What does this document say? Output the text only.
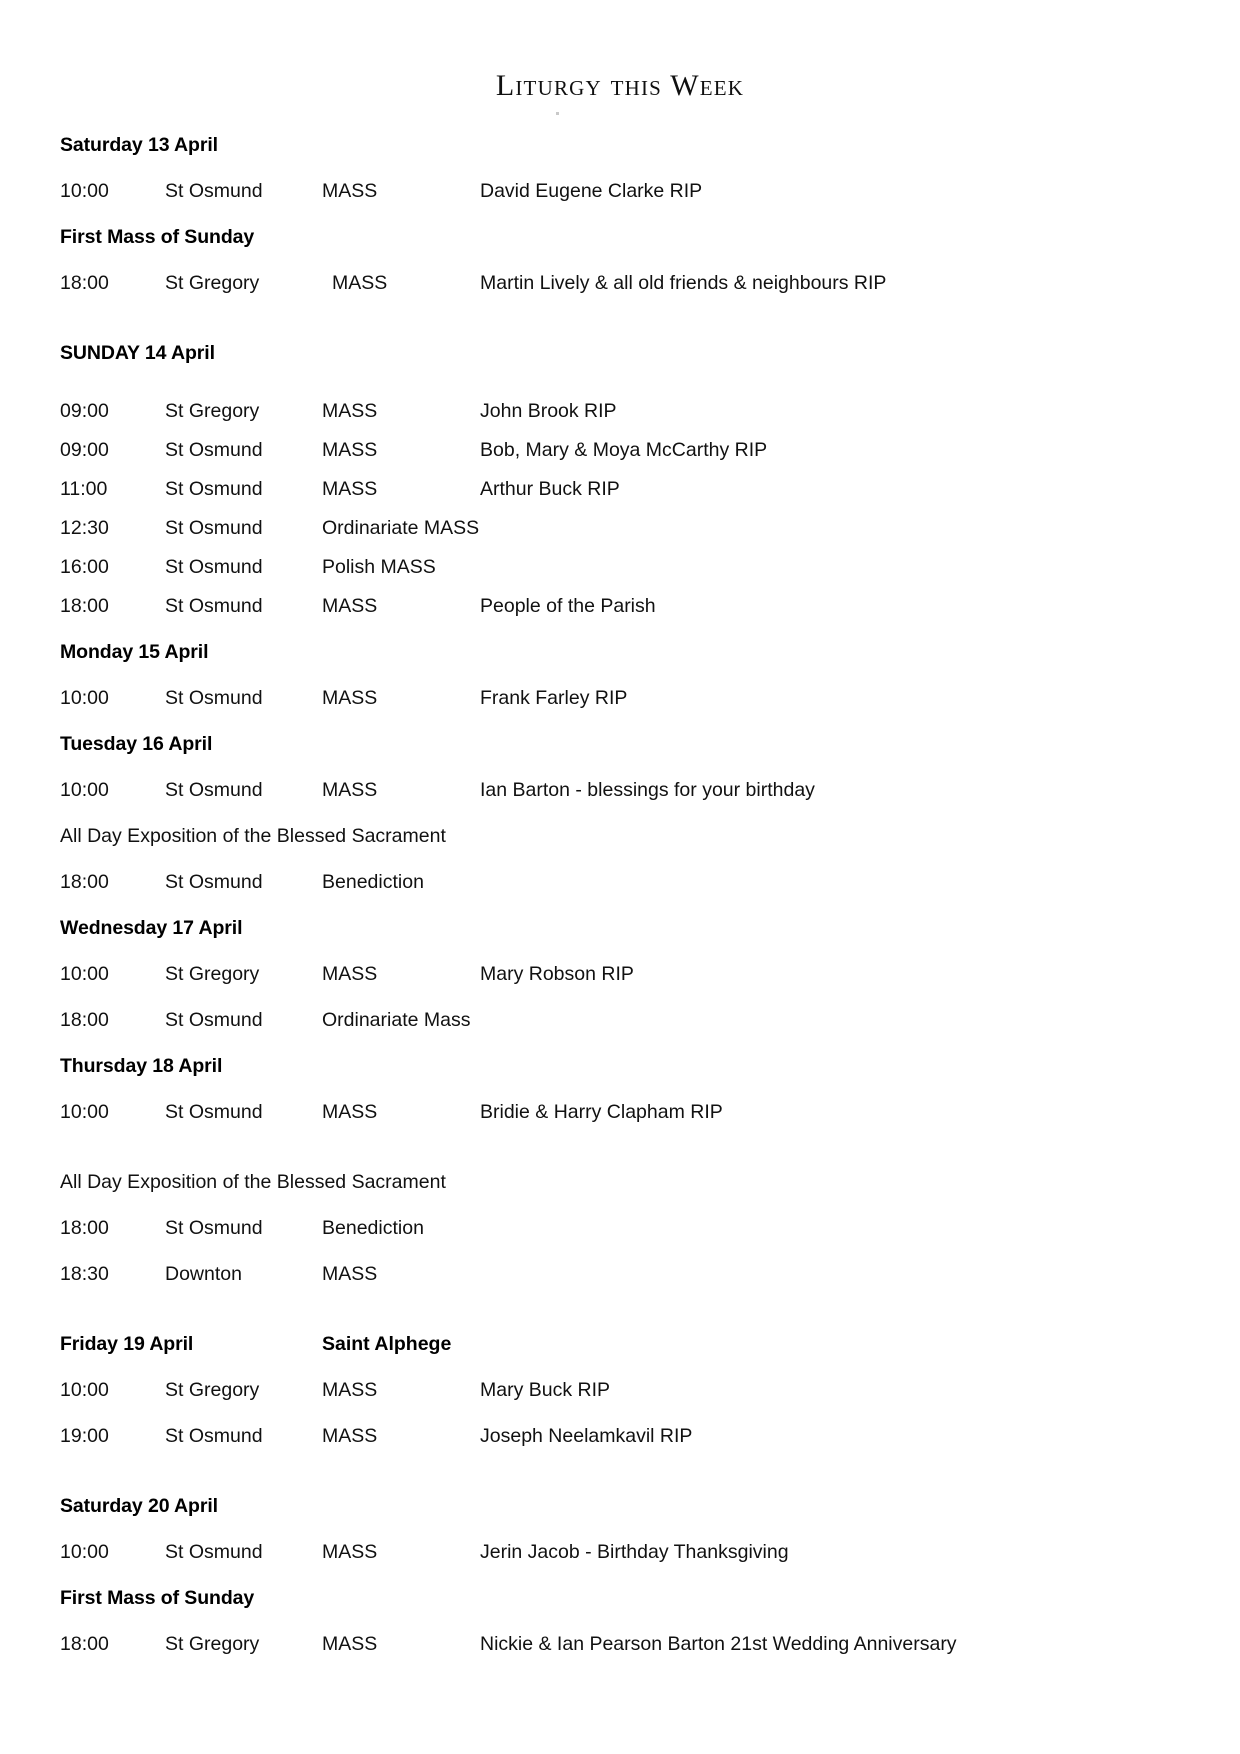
Liturgy this Week
Saturday 13 April
10:00	St Osmund	MASS	David Eugene Clarke RIP
First Mass of Sunday
18:00	St Gregory	MASS	Martin Lively & all old friends & neighbours RIP
SUNDAY 14 April
09:00	St Gregory	MASS	John Brook RIP
09:00	St Osmund	MASS	Bob, Mary & Moya McCarthy RIP
11:00	St Osmund	MASS	Arthur Buck RIP
12:30	St Osmund	Ordinariate MASS
16:00	St Osmund	Polish MASS
18:00	St Osmund	MASS	People of the Parish
Monday 15 April
10:00	St Osmund	MASS	Frank Farley RIP
Tuesday 16 April
10:00	St Osmund	MASS	Ian Barton - blessings for your birthday
All Day Exposition of the Blessed Sacrament
18:00	St Osmund	Benediction
Wednesday 17 April
10:00	St Gregory	MASS	Mary Robson RIP
18:00	St Osmund	Ordinariate Mass
Thursday 18 April
10:00	St Osmund	MASS	Bridie & Harry Clapham RIP
All Day Exposition of the Blessed Sacrament
18:00	St Osmund	Benediction
18:30	Downton	MASS
Friday 19 April	Saint Alphege
10:00	St Gregory	MASS	Mary Buck RIP
19:00	St Osmund	MASS	Joseph Neelamkavil RIP
Saturday 20 April
10:00	St Osmund	MASS	Jerin Jacob - Birthday Thanksgiving
First Mass of Sunday
18:00	St Gregory	MASS	Nickie & Ian Pearson Barton 21st Wedding Anniversary
